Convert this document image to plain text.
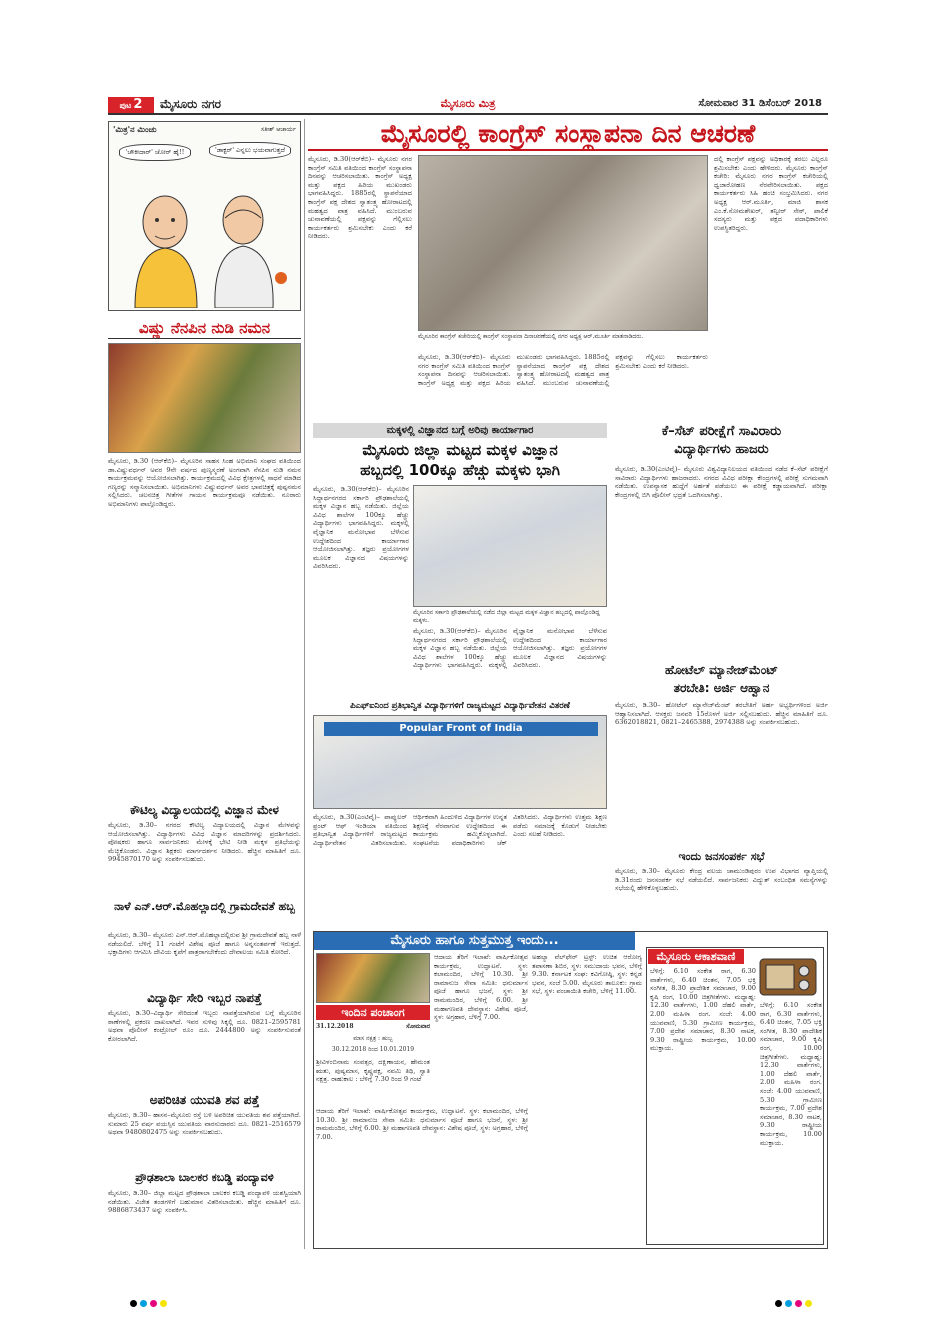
ಪುಟ 2	ಮೈಸೂರು ನಗರ	ಮೈಸೂರು ಮಿತ್ರ	ಸೋಮವಾರ 31 ಡಿಸೆಂಬರ್ 2018
'ಮಿತ್ರ'ನ ಮಿಂಚು	ಸತೀಶ್ ಆಚಾರ್ಯ
'ಚೌಕೀದಾರ್' ಚೋರ್ ಹೈ!!	'ಡಾಕ್ಟರ್' ಎನ್ನಲು ಭಯವಾಗುತ್ತದೆ
ಮೈಸೂರಲ್ಲಿ ಕಾಂಗ್ರೆಸ್ ಸಂಸ್ಥಾಪನಾ ದಿನ ಆಚರಣೆ
ಮೈಸೂರು, ಡಿ.30(ಆರ್‌ಕೆಬಿ)– ಮೈಸೂರು ನಗರ ಕಾಂಗ್ರೆಸ್ ಸಮಿತಿ ವತಿಯಿಂದ ಕಾಂಗ್ರೆಸ್ ಸಂಸ್ಥಾಪನಾ ದಿನವನ್ನು ಆಚರಿಸಲಾಯಿತು. ಕಾಂಗ್ರೆಸ್ ಅಧ್ಯಕ್ಷ ಮತ್ತು ಪಕ್ಷದ ಹಿರಿಯ ಮುಖಂಡರು ಭಾಗವಹಿಸಿದ್ದರು. 1885ರಲ್ಲಿ ಸ್ಥಾಪನೆಯಾದ ಕಾಂಗ್ರೆಸ್ ಪಕ್ಷ ದೇಶದ ಸ್ವಾತಂತ್ರ್ಯ ಹೋರಾಟದಲ್ಲಿ ಮಹತ್ವದ ಪಾತ್ರ ವಹಿಸಿದೆ. ಮುಂಬರುವ ಚುನಾವಣೆಯಲ್ಲಿ ಪಕ್ಷವನ್ನು ಗೆಲ್ಲಿಸಲು ಕಾರ್ಯಕರ್ತರು ಶ್ರಮಿಸಬೇಕು ಎಂದು ಕರೆ ನೀಡಿದರು.
ಮೈಸೂರಿನ ಕಾಂಗ್ರೆಸ್ ಕಚೇರಿಯಲ್ಲಿ ಕಾಂಗ್ರೆಸ್ ಸಂಸ್ಥಾಪನಾ ದಿನಾಚರಣೆಯಲ್ಲಿ ನಗರ ಅಧ್ಯಕ್ಷ ಆರ್.ಮೂರ್ತಿ ಮಾತನಾಡಿದರು.
ಮೈಸೂರು, ಡಿ.30(ಆರ್‌ಕೆಬಿ)– ಮೈಸೂರು ನಗರ ಕಾಂಗ್ರೆಸ್ ಸಮಿತಿ ವತಿಯಿಂದ ಕಾಂಗ್ರೆಸ್ ಸಂಸ್ಥಾಪನಾ ದಿನವನ್ನು ಆಚರಿಸಲಾಯಿತು. ಕಾಂಗ್ರೆಸ್ ಅಧ್ಯಕ್ಷ ಮತ್ತು ಪಕ್ಷದ ಹಿರಿಯ ಮುಖಂಡರು ಭಾಗವಹಿಸಿದ್ದರು. 1885ರಲ್ಲಿ ಸ್ಥಾಪನೆಯಾದ ಕಾಂಗ್ರೆಸ್ ಪಕ್ಷ ದೇಶದ ಸ್ವಾತಂತ್ರ್ಯ ಹೋರಾಟದಲ್ಲಿ ಮಹತ್ವದ ಪಾತ್ರ ವಹಿಸಿದೆ. ಮುಂಬರುವ ಚುನಾವಣೆಯಲ್ಲಿ ಪಕ್ಷವನ್ನು ಗೆಲ್ಲಿಸಲು ಕಾರ್ಯಕರ್ತರು ಶ್ರಮಿಸಬೇಕು ಎಂದು ಕರೆ ನೀಡಿದರು.
ದಲ್ಲಿ ಕಾಂಗ್ರೆಸ್ ಪಕ್ಷವನ್ನು ಅಧಿಕಾರಕ್ಕೆ ತರಲು ಎಲ್ಲರೂ ಶ್ರಮಿಸಬೇಕು ಎಂದು ಹೇಳಿದರು. ಮೈಸೂರು ಕಾಂಗ್ರೆಸ್ ಕಚೇರಿ: ಮೈಸೂರು ನಗರ ಕಾಂಗ್ರೆಸ್ ಕಚೇರಿಯಲ್ಲಿ ಧ್ವಜಾರೋಹಣ ನೆರವೇರಿಸಲಾಯಿತು. ಪಕ್ಷದ ಕಾರ್ಯಕರ್ತರು ಸಿಹಿ ಹಂಚಿ ಸಂಭ್ರಮಿಸಿದರು. ನಗರ ಅಧ್ಯಕ್ಷ ಆರ್.ಮೂರ್ತಿ, ಮಾಜಿ ಶಾಸಕ ಎಂ.ಕೆ.ಸೋಮಶೇಖರ್, ತನ್ವೀರ್ ಸೇಠ್, ಪಾಲಿಕೆ ಸದಸ್ಯರು ಮತ್ತು ಪಕ್ಷದ ಪದಾಧಿಕಾರಿಗಳು ಉಪಸ್ಥಿತರಿದ್ದರು.
ವಿಷ್ಣು ನೆನಪಿನ ನುಡಿ ನಮನ
ಮೈಸೂರು, ಡಿ.30 (ಆರ್‌ಕೆಬಿ)– ಮೈಸೂರಿನ ಸಾಹಸ ಸಿಂಹ ಅಭಿಮಾನಿ ಸಂಘದ ವತಿಯಿಂದ ಡಾ.ವಿಷ್ಣುವರ್ಧನ್ ಅವರ 9ನೇ ವರ್ಷದ ಪುಣ್ಯಸ್ಮರಣೆ ಅಂಗವಾಗಿ ನೆನಪಿನ ನುಡಿ ನಮನ ಕಾರ್ಯಕ್ರಮವನ್ನು ಆಯೋಜಿಸಲಾಗಿತ್ತು. ಕಾರ್ಯಕ್ರಮದಲ್ಲಿ ವಿವಿಧ ಕ್ಷೇತ್ರಗಳಲ್ಲಿ ಸಾಧನೆ ಮಾಡಿದ ಗಣ್ಯರನ್ನು ಸನ್ಮಾನಿಸಲಾಯಿತು. ಅಭಿಮಾನಿಗಳು ವಿಷ್ಣುವರ್ಧನ್ ಅವರ ಭಾವಚಿತ್ರಕ್ಕೆ ಪುಷ್ಪನಮನ ಸಲ್ಲಿಸಿದರು. ಚಲನಚಿತ್ರ ಗೀತೆಗಳ ಗಾಯನ ಕಾರ್ಯಕ್ರಮವೂ ನಡೆಯಿತು. ನೂರಾರು ಅಭಿಮಾನಿಗಳು ಪಾಲ್ಗೊಂಡಿದ್ದರು.
ಕೌಟಿಲ್ಯ ವಿದ್ಯಾಲಯದಲ್ಲಿ ವಿಜ್ಞಾನ ಮೇಳ
ಮೈಸೂರು, ಡಿ.30– ನಗರದ ಕೌಟಿಲ್ಯ ವಿದ್ಯಾಲಯದಲ್ಲಿ ವಿಜ್ಞಾನ ಮೇಳವನ್ನು ಆಯೋಜಿಸಲಾಗಿತ್ತು. ವಿದ್ಯಾರ್ಥಿಗಳು ವಿವಿಧ ವಿಜ್ಞಾನ ಮಾದರಿಗಳನ್ನು ಪ್ರದರ್ಶಿಸಿದರು. ಪೋಷಕರು ಹಾಗೂ ಸಾರ್ವಜನಿಕರು ಮೇಳಕ್ಕೆ ಭೇಟಿ ನೀಡಿ ಮಕ್ಕಳ ಪ್ರತಿಭೆಯನ್ನು ಮೆಚ್ಚಿಕೊಂಡರು. ವಿಜ್ಞಾನ ಶಿಕ್ಷಕರು ಮಾರ್ಗದರ್ಶನ ನೀಡಿದರು. ಹೆಚ್ಚಿನ ಮಾಹಿತಿಗೆ ದೂ. 9945870170 ಅನ್ನು ಸಂಪರ್ಕಿಸಬಹುದು.
ನಾಳೆ ಎನ್.ಆರ್.ಮೊಹಲ್ಲಾದಲ್ಲಿ ಗ್ರಾಮದೇವತೆ ಹಬ್ಬ
ಮೈಸೂರು, ಡಿ.30– ಮೈಸೂರು ಎನ್.ಆರ್.ಮೊಹಲ್ಲಾದಲ್ಲಿರುವ ಶ್ರೀ ಗ್ರಾಮದೇವತೆ ಹಬ್ಬ ನಾಳೆ ನಡೆಯಲಿದೆ. ಬೆಳಿಗ್ಗೆ 11 ಗಂಟೆಗೆ ವಿಶೇಷ ಪೂಜೆ ಹಾಗೂ ಅನ್ನಸಂತರ್ಪಣೆ ಇರುತ್ತದೆ. ಭಕ್ತಾದಿಗಳು ಆಗಮಿಸಿ ದೇವಿಯ ಕೃಪೆಗೆ ಪಾತ್ರರಾಗಬೇಕೆಂದು ದೇವಾಲಯ ಸಮಿತಿ ಕೋರಿದೆ.
ವಿದ್ಯಾರ್ಥಿ ಸೇರಿ ಇಬ್ಬರ ನಾಪತ್ತೆ
ಮೈಸೂರು, ಡಿ.30–ವಿದ್ಯಾರ್ಥಿ ಸೇರಿದಂತೆ ಇಬ್ಬರು ನಾಪತ್ತೆಯಾಗಿರುವ ಬಗ್ಗೆ ಮೈಸೂರಿನ ಠಾಣೆಗಳಲ್ಲಿ ಪ್ರಕರಣ ದಾಖಲಾಗಿದೆ. ಇವರ ಸುಳಿವು ಸಿಕ್ಕಲ್ಲಿ ದೂ. 0821–2595781 ಅಥವಾ ಪೊಲೀಸ್ ಕಂಟ್ರೋಲ್ ರೂಂ ದೂ. 2444800 ಅನ್ನು ಸಂಪರ್ಕಿಸುವಂತೆ ಕೋರಲಾಗಿದೆ.
ಅಪರಿಚಿತ ಯುವತಿ ಶವ ಪತ್ತೆ
ಮೈಸೂರು, ಡಿ.30– ಹಾಸನ–ಮೈಸೂರು ರಸ್ತೆ ಬಳಿ ಅಪರಿಚಿತ ಯುವತಿಯ ಶವ ಪತ್ತೆಯಾಗಿದೆ. ಸುಮಾರು 25 ವರ್ಷ ವಯಸ್ಸಿನ ಯುವತಿಯ ವಾರಸುದಾರರು ದೂ. 0821–2516579 ಅಥವಾ 9480802475 ಅನ್ನು ಸಂಪರ್ಕಿಸಬಹುದು.
ಪ್ರೌಢಶಾಲಾ ಬಾಲಕರ ಕಬಡ್ಡಿ ಪಂದ್ಯಾವಳಿ
ಮೈಸೂರು, ಡಿ.30– ಜಿಲ್ಲಾ ಮಟ್ಟದ ಪ್ರೌಢಶಾಲಾ ಬಾಲಕರ ಕಬಡ್ಡಿ ಪಂದ್ಯಾವಳಿ ಯಶಸ್ವಿಯಾಗಿ ನಡೆಯಿತು. ವಿಜೇತ ತಂಡಗಳಿಗೆ ಬಹುಮಾನ ವಿತರಿಸಲಾಯಿತು. ಹೆಚ್ಚಿನ ಮಾಹಿತಿಗೆ ದೂ. 9886873437 ಅನ್ನು ಸಂಪರ್ಕಿಸಿ.
ಮಕ್ಕಳಲ್ಲಿ ವಿಜ್ಞಾನದ ಬಗ್ಗೆ ಅರಿವು ಕಾರ್ಯಾಗಾರ
ಮೈಸೂರು ಜಿಲ್ಲಾ ಮಟ್ಟದ ಮಕ್ಕಳ ವಿಜ್ಞಾನ
ಹಬ್ಬದಲ್ಲಿ 100ಕ್ಕೂ ಹೆಚ್ಚು ಮಕ್ಕಳು ಭಾಗಿ
ಮೈಸೂರು, ಡಿ.30(ಆರ್‌ಕೆಬಿ)– ಮೈಸೂರಿನ ಸಿದ್ದಾರ್ಥನಗರದ ಸರ್ಕಾರಿ ಪ್ರೌಢಶಾಲೆಯಲ್ಲಿ ಮಕ್ಕಳ ವಿಜ್ಞಾನ ಹಬ್ಬ ನಡೆಯಿತು. ಜಿಲ್ಲೆಯ ವಿವಿಧ ಶಾಲೆಗಳ 100ಕ್ಕೂ ಹೆಚ್ಚು ವಿದ್ಯಾರ್ಥಿಗಳು ಭಾಗವಹಿಸಿದ್ದರು. ಮಕ್ಕಳಲ್ಲಿ ವೈಜ್ಞಾನಿಕ ಮನೋಭಾವ ಬೆಳೆಸುವ ಉದ್ದೇಶದಿಂದ ಕಾರ್ಯಾಗಾರ ಆಯೋಜಿಸಲಾಗಿತ್ತು. ತಜ್ಞರು ಪ್ರಯೋಗಗಳ ಮೂಲಕ ವಿಜ್ಞಾನದ ವಿಷಯಗಳನ್ನು ವಿವರಿಸಿದರು.
ಮೈಸೂರಿನ ಸರ್ಕಾರಿ ಪ್ರೌಢಶಾಲೆಯಲ್ಲಿ ನಡೆದ ಜಿಲ್ಲಾ ಮಟ್ಟದ ಮಕ್ಕಳ ವಿಜ್ಞಾನ ಹಬ್ಬದಲ್ಲಿ ಪಾಲ್ಗೊಂಡಿದ್ದ ಮಕ್ಕಳು.
ಮೈಸೂರು, ಡಿ.30(ಆರ್‌ಕೆಬಿ)– ಮೈಸೂರಿನ ಸಿದ್ದಾರ್ಥನಗರದ ಸರ್ಕಾರಿ ಪ್ರೌಢಶಾಲೆಯಲ್ಲಿ ಮಕ್ಕಳ ವಿಜ್ಞಾನ ಹಬ್ಬ ನಡೆಯಿತು. ಜಿಲ್ಲೆಯ ವಿವಿಧ ಶಾಲೆಗಳ 100ಕ್ಕೂ ಹೆಚ್ಚು ವಿದ್ಯಾರ್ಥಿಗಳು ಭಾಗವಹಿಸಿದ್ದರು. ಮಕ್ಕಳಲ್ಲಿ ವೈಜ್ಞಾನಿಕ ಮನೋಭಾವ ಬೆಳೆಸುವ ಉದ್ದೇಶದಿಂದ ಕಾರ್ಯಾಗಾರ ಆಯೋಜಿಸಲಾಗಿತ್ತು. ತಜ್ಞರು ಪ್ರಯೋಗಗಳ ಮೂಲಕ ವಿಜ್ಞಾನದ ವಿಷಯಗಳನ್ನು ವಿವರಿಸಿದರು.
ಕೆ–ಸೆಟ್ ಪರೀಕ್ಷೆಗೆ ಸಾವಿರಾರು
ವಿದ್ಯಾರ್ಥಿಗಳು ಹಾಜರು
ಮೈಸೂರು, ಡಿ.30(ಎಂಟಿವೈ)– ಮೈಸೂರು ವಿಶ್ವವಿದ್ಯಾನಿಲಯದ ವತಿಯಿಂದ ನಡೆದ ಕೆ–ಸೆಟ್ ಪರೀಕ್ಷೆಗೆ ಸಾವಿರಾರು ವಿದ್ಯಾರ್ಥಿಗಳು ಹಾಜರಾದರು. ನಗರದ ವಿವಿಧ ಪರೀಕ್ಷಾ ಕೇಂದ್ರಗಳಲ್ಲಿ ಪರೀಕ್ಷೆ ಸುಗಮವಾಗಿ ನಡೆಯಿತು. ಉಪನ್ಯಾಸಕ ಹುದ್ದೆಗೆ ಅರ್ಹತೆ ಪಡೆಯಲು ಈ ಪರೀಕ್ಷೆ ಕಡ್ಡಾಯವಾಗಿದೆ. ಪರೀಕ್ಷಾ ಕೇಂದ್ರಗಳಲ್ಲಿ ಬಿಗಿ ಪೊಲೀಸ್ ಭದ್ರತೆ ಒದಗಿಸಲಾಗಿತ್ತು.
ಹೋಟೆಲ್ ಮ್ಯಾನೇಜ್‌ಮೆಂಟ್
ತರಬೇತಿ: ಅರ್ಜಿ ಆಹ್ವಾನ
ಮೈಸೂರು, ಡಿ.30– ಹೋಟೆಲ್ ಮ್ಯಾನೇಜ್‌ಮೆಂಟ್ ತರಬೇತಿಗೆ ಅರ್ಹ ಅಭ್ಯರ್ಥಿಗಳಿಂದ ಅರ್ಜಿ ಆಹ್ವಾನಿಸಲಾಗಿದೆ. ಆಸಕ್ತರು ಜನವರಿ 15ರೊಳಗೆ ಅರ್ಜಿ ಸಲ್ಲಿಸಬಹುದು. ಹೆಚ್ಚಿನ ಮಾಹಿತಿಗೆ ದೂ. 6362018821, 0821–2465388, 2974388 ಅನ್ನು ಸಂಪರ್ಕಿಸಬಹುದು.
ಇಂದು ಜನಸಂಪರ್ಕ ಸಭೆ
ಮೈಸೂರು, ಡಿ.30– ಮೈಸೂರು ಕೇಂದ್ರ ವಲಯ ಚಾಮುಂಡಿಪುರಂ ಉಪ ವಿಭಾಗದ ವ್ಯಾಪ್ತಿಯಲ್ಲಿ ಡಿ.31ರಂದು ಜನಸಂಪರ್ಕ ಸಭೆ ನಡೆಯಲಿದೆ. ಸಾರ್ವಜನಿಕರು ವಿದ್ಯುತ್ ಸಂಬಂಧಿತ ಸಮಸ್ಯೆಗಳನ್ನು ಸಭೆಯಲ್ಲಿ ಹೇಳಿಕೊಳ್ಳಬಹುದು.
ಪಿಎಫ್‌ಐನಿಂದ ಪ್ರತಿಭಾನ್ವಿತ ವಿದ್ಯಾರ್ಥಿಗಳಿಗೆ ರಾಜ್ಯಮಟ್ಟದ ವಿದ್ಯಾರ್ಥಿವೇತನ ವಿತರಣೆ
Popular Front of India
ಮೈಸೂರು, ಡಿ.30(ಎಂಟಿವೈ)– ಪಾಪ್ಯುಲರ್ ಫ್ರಂಟ್ ಆಫ್ ಇಂಡಿಯಾ ವತಿಯಿಂದ ಪ್ರತಿಭಾನ್ವಿತ ವಿದ್ಯಾರ್ಥಿಗಳಿಗೆ ರಾಜ್ಯಮಟ್ಟದ ವಿದ್ಯಾರ್ಥಿವೇತನ ವಿತರಿಸಲಾಯಿತು. ಆರ್ಥಿಕವಾಗಿ ಹಿಂದುಳಿದ ವಿದ್ಯಾರ್ಥಿಗಳ ಉನ್ನತ ಶಿಕ್ಷಣಕ್ಕೆ ನೆರವಾಗುವ ಉದ್ದೇಶದಿಂದ ಈ ಕಾರ್ಯಕ್ರಮ ಹಮ್ಮಿಕೊಳ್ಳಲಾಗಿದೆ. ಸಂಘಟನೆಯ ಪದಾಧಿಕಾರಿಗಳು ಚೆಕ್ ವಿತರಿಸಿದರು. ವಿದ್ಯಾರ್ಥಿಗಳು ಉತ್ತಮ ಶಿಕ್ಷಣ ಪಡೆದು ಸಮಾಜಕ್ಕೆ ಕೊಡುಗೆ ನೀಡಬೇಕು ಎಂದು ಸಲಹೆ ನೀಡಿದರು.
ಮೈಸೂರು ಹಾಗೂ ಸುತ್ತಮುತ್ತ ಇಂದು...
ಇಂದಿನ ಪಂಚಾಂಗ
31.12.2018	ಸೋಮವಾರ
ಮಾಸ ನಕ್ಷತ್ರ : ಹುಬ್ಬ
30.12.2018 ರಿಂದ 10.01.2019
ಶ್ರೀವಿಳಂಬಿನಾಮ ಸಂವತ್ಸರ, ದಕ್ಷಿಣಾಯನ, ಹೇಮಂತ ಋತು, ಪುಷ್ಯಮಾಸ, ಕೃಷ್ಣಪಕ್ಷ, ನವಮಿ ತಿಥಿ, ಸ್ವಾತಿ ನಕ್ಷತ್ರ. ರಾಹುಕಾಲ : ಬೆಳಿಗ್ಗೆ 7.30 ರಿಂದ 9 ಗಂಟೆ
ಆದಾಯ ತೆರಿಗೆ ಇಲಾಖೆ: ವಾರ್ಷಿಕೋತ್ಸವ ಕಾರ್ಯಕ್ರಮ, ಉದ್ಘಾಟನೆ. ಸ್ಥಳ: ಕಲಾಮಂದಿರ, ಬೆಳಿಗ್ಗೆ 10.30. ಶ್ರೀ ರಾಮಾನುಜ ಸೇವಾ ಸಮಿತಿ: ಧನುರ್ಮಾಸ ಪೂಜೆ ಹಾಗೂ ಭಜನೆ, ಸ್ಥಳ: ಶ್ರೀ ರಾಮಮಂದಿರ, ಬೆಳಿಗ್ಗೆ 6.00. ಶ್ರೀ ಮಹಾಗಣಪತಿ ದೇವಸ್ಥಾನ: ವಿಶೇಷ ಪೂಜೆ, ಸ್ಥಳ: ಅಗ್ರಹಾರ, ಬೆಳಿಗ್ಗೆ 7.00.
ಆದಾಯ ತೆರಿಗೆ ಇಲಾಖೆ: ವಾರ್ಷಿಕೋತ್ಸವ ಕಾರ್ಯಕ್ರಮ, ಉದ್ಘಾಟನೆ. ಸ್ಥಳ: ಕಲಾಮಂದಿರ, ಬೆಳಿಗ್ಗೆ 10.30. ಶ್ರೀ ರಾಮಾನುಜ ಸೇವಾ ಸಮಿತಿ: ಧನುರ್ಮಾಸ ಪೂಜೆ ಹಾಗೂ ಭಜನೆ, ಸ್ಥಳ: ಶ್ರೀ ರಾಮಮಂದಿರ, ಬೆಳಿಗ್ಗೆ 6.00. ಶ್ರೀ ಮಹಾಗಣಪತಿ ದೇವಸ್ಥಾನ: ವಿಶೇಷ ಪೂಜೆ, ಸ್ಥಳ: ಅಗ್ರಹಾರ, ಬೆಳಿಗ್ಗೆ 7.00.
ಅಹಲ್ಯಾ ವೆಲ್‌ಫೇರ್ ಟ್ರಸ್ಟ್: ಉಚಿತ ಆರೋಗ್ಯ ತಪಾಸಣಾ ಶಿಬಿರ, ಸ್ಥಳ: ಸಮುದಾಯ ಭವನ, ಬೆಳಿಗ್ಗೆ 9.30. ಕರ್ನಾಟಕ ಸಂಘ: ಕವಿಗೋಷ್ಠಿ, ಸ್ಥಳ: ಕನ್ನಡ ಭವನ, ಸಂಜೆ 5.00. ಮೈಸೂರು ತಾಲೂಕು: ಗ್ರಾಮ ಸಭೆ, ಸ್ಥಳ: ಪಂಚಾಯಿತಿ ಕಚೇರಿ, ಬೆಳಿಗ್ಗೆ 11.00.
ಮೈಸೂರು ಆಕಾಶವಾಣಿ
ಬೆಳಿಗ್ಗೆ: 6.10 ಸಂಕೇತ ರಾಗ, 6.30 ವಾರ್ತೆಗಳು, 6.40 ಚಿಂತನ, 7.05 ಭಕ್ತಿ ಸಂಗೀತ, 8.30 ಪ್ರಾದೇಶಿಕ ಸಮಾಚಾರ, 9.00 ಕೃಷಿ ರಂಗ, 10.00 ಚಿತ್ರಗೀತೆಗಳು. ಮಧ್ಯಾಹ್ನ: 12.30 ವಾರ್ತೆಗಳು, 1.00 ದೆಹಲಿ ವಾರ್ತೆ, 2.00 ಮಹಿಳಾ ರಂಗ. ಸಂಜೆ: 4.00 ಯುವವಾಣಿ, 5.30 ಗ್ರಾಮೀಣ ಕಾರ್ಯಕ್ರಮ, 7.00 ಪ್ರದೇಶ ಸಮಾಚಾರ, 8.30 ನಾಟಕ, 9.30 ರಾಷ್ಟ್ರೀಯ ಕಾರ್ಯಕ್ರಮ, 10.00 ಮುಕ್ತಾಯ.
ಬೆಳಿಗ್ಗೆ: 6.10 ಸಂಕೇತ ರಾಗ, 6.30 ವಾರ್ತೆಗಳು, 6.40 ಚಿಂತನ, 7.05 ಭಕ್ತಿ ಸಂಗೀತ, 8.30 ಪ್ರಾದೇಶಿಕ ಸಮಾಚಾರ, 9.00 ಕೃಷಿ ರಂಗ, 10.00 ಚಿತ್ರಗೀತೆಗಳು. ಮಧ್ಯಾಹ್ನ: 12.30 ವಾರ್ತೆಗಳು, 1.00 ದೆಹಲಿ ವಾರ್ತೆ, 2.00 ಮಹಿಳಾ ರಂಗ. ಸಂಜೆ: 4.00 ಯುವವಾಣಿ, 5.30 ಗ್ರಾಮೀಣ ಕಾರ್ಯಕ್ರಮ, 7.00 ಪ್ರದೇಶ ಸಮಾಚಾರ, 8.30 ನಾಟಕ, 9.30 ರಾಷ್ಟ್ರೀಯ ಕಾರ್ಯಕ್ರಮ, 10.00 ಮುಕ್ತಾಯ.
